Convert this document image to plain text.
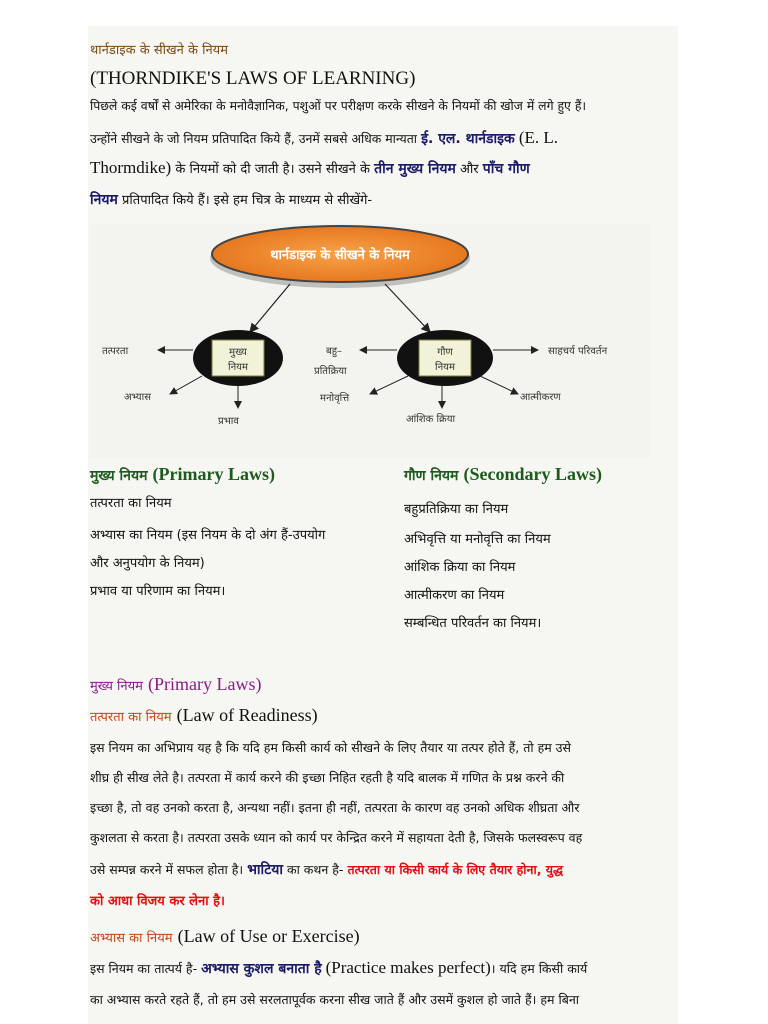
थार्नडाइक के सीखने के नियम
(THORNDIKE'S LAWS OF LEARNING)
पिछले कई वर्षों से अमेरिका के मनोवैज्ञानिक, पशुओं पर परीक्षण करके सीखने के नियमों की खोज में लगे हुए हैं।
उन्होंने सीखने के जो नियम प्रतिपादित किये हैं, उनमें सबसे अधिक मान्यता ई. एल. थार्नडाइक (E. L.
Thormdike) के नियमों को दी जाती है। उसने सीखने के तीन मुख्य नियम और पाँच गौण
नियम प्रतिपादित किये हैं। इसे हम चित्र के माध्यम से सीखेंगे-
थार्नडाइक के सीखने के नियम
मुख्य
नियम
गौण
नियम
तत्परता
अभ्यास
प्रभाव
बहु–
प्रतिक्रिया
मनोवृत्ति
आंशिक क्रिया
आत्मीकरण
साहचर्य परिवर्तन
मुख्य नियम (Primary Laws)
तत्परता का नियम
अभ्यास का नियम (इस नियम के दो अंग हैं-उपयोग
और अनुपयोग के नियम)
प्रभाव या परिणाम का नियम।
गौण नियम (Secondary Laws)
बहुप्रतिक्रिया का नियम
अभिवृत्ति या मनोवृत्ति का नियम
आंशिक क्रिया का नियम
आत्मीकरण का नियम
सम्बन्धित परिवर्तन का नियम।
मुख्य नियम (Primary Laws)
तत्परता का नियम (Law of Readiness)
इस नियम का अभिप्राय यह है कि यदि हम किसी कार्य को सीखने के लिए तैयार या तत्पर होते हैं, तो हम उसे
शीघ्र ही सीख लेते है। तत्परता में कार्य करने की इच्छा निहित रहती है यदि बालक में गणित के प्रश्न करने की
इच्छा है, तो वह उनको करता है, अन्यथा नहीं। इतना ही नहीं, तत्परता के कारण वह उनको अधिक शीघ्रता और
कुशलता से करता है। तत्परता उसके ध्यान को कार्य पर केन्द्रित करने में सहायता देती है, जिसके फलस्वरूप वह
उसे सम्पन्न करने में सफल होता है। भाटिया का कथन है- तत्परता या किसी कार्य के लिए तैयार होना, युद्ध
को आधा विजय कर लेना है।
अभ्यास का नियम (Law of Use or Exercise)
इस नियम का तात्पर्य है- अभ्यास कुशल बनाता है (Practice makes perfect)। यदि हम किसी कार्य
का अभ्यास करते रहते हैं, तो हम उसे सरलतापूर्वक करना सीख जाते हैं और उसमें कुशल हो जाते हैं। हम बिना
